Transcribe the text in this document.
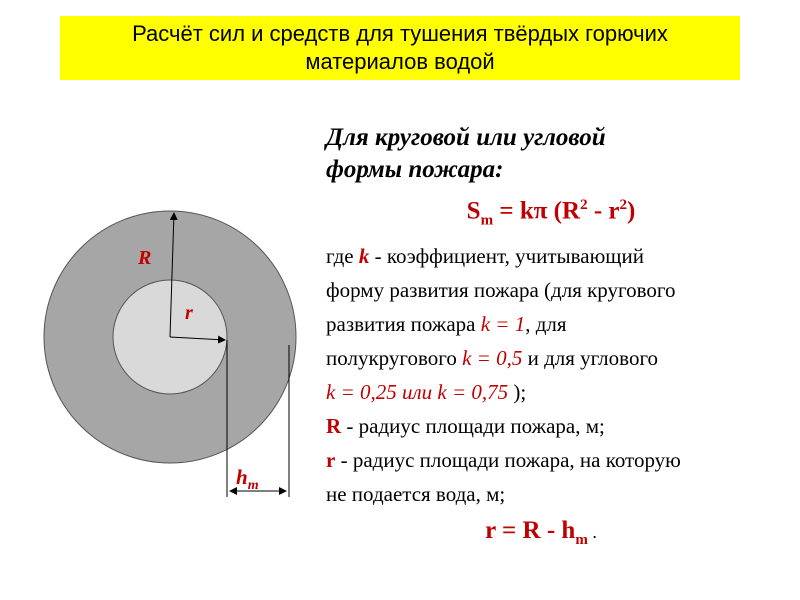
Расчёт сил и средств для тушения твёрдых горючих
материалов водой
R
r
$h_m$
Для круговой или угловой
формы пожара:
$S_m = k\pi$ $(R^2 - r^2)$
где k - коэффициент, учитывающий
форму развития пожара (для кругового
развития пожара k = 1, для
полукругового k = 0,5 и для углового
k = 0,25 или k = 0,75 );
R - радиус площади пожара, м;
r - радиус площади пожара, на которую
не подается вода, м;
$r = R - h_m$ .
